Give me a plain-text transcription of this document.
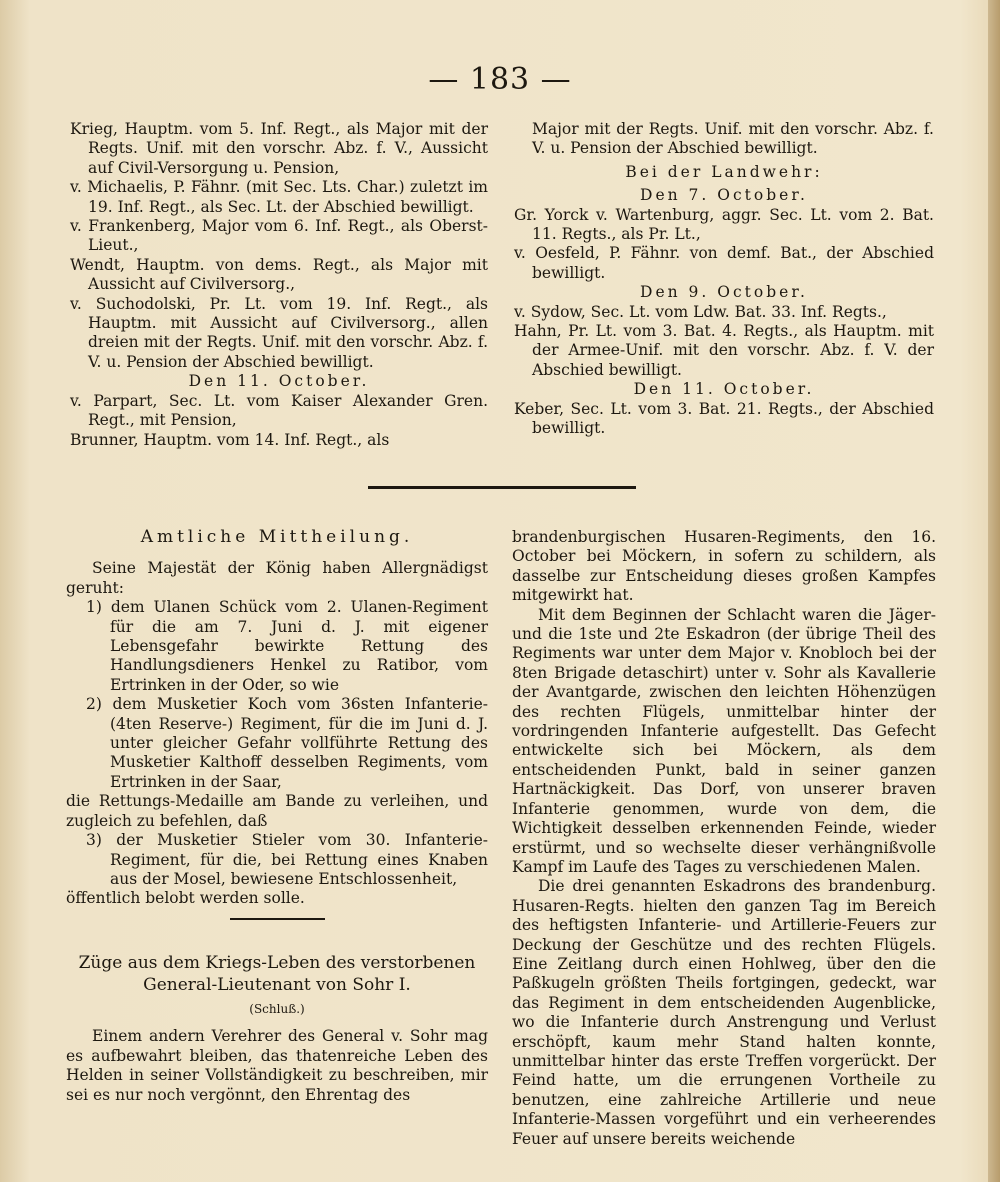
— 183 —

Krieg, Hauptm. vom 5. Inf. Regt., als Major mit der Regts. Unif. mit den vorschr. Abz. f. V., Aussicht auf Civil-Versorgung u. Pension,

v. Michaelis, P. Fähnr. (mit Sec. Lts. Char.) zuletzt im 19. Inf. Regt., als Sec. Lt. der Abschied bewilligt.

v. Frankenberg, Major vom 6. Inf. Regt., als Oberst-Lieut.,

Wendt, Hauptm. von dems. Regt., als Major mit Aussicht auf Civilversorg.,

v. Suchodolski, Pr. Lt. vom 19. Inf. Regt., als Hauptm. mit Aussicht auf Civilversorg., allen dreien mit der Regts. Unif. mit den vorschr. Abz. f. V. u. Pension der Abschied bewilligt.

Den 11. October.

v. Parpart, Sec. Lt. vom Kaiser Alexander Gren. Regt., mit Pension,

Brunner, Hauptm. vom 14. Inf. Regt., als

Major mit der Regts. Unif. mit den vorschr. Abz. f. V. u. Pension der Abschied bewilligt.

Bei der Landwehr:

Den 7. October.

Gr. Yorck v. Wartenburg, aggr. Sec. Lt. vom 2. Bat. 11. Regts., als Pr. Lt.,

v. Oesfeld, P. Fähnr. von demf. Bat., der Abschied bewilligt.

Den 9. October.

v. Sydow, Sec. Lt. vom Ldw. Bat. 33. Inf. Regts.,

Hahn, Pr. Lt. vom 3. Bat. 4. Regts., als Hauptm. mit der Armee-Unif. mit den vorschr. Abz. f. V. der Abschied bewilligt.

Den 11. October.

Keber, Sec. Lt. vom 3. Bat. 21. Regts., der Abschied bewilligt.

Amtliche Mittheilung.

Seine Majestät der König haben Allergnädigst geruht:

1) dem Ulanen Schück vom 2. Ulanen-Regiment für die am 7. Juni d. J. mit eigener Lebensgefahr bewirkte Rettung des Handlungsdieners Henkel zu Ratibor, vom Ertrinken in der Oder, so wie

2) dem Musketier Koch vom 36sten Infanterie- (4ten Reserve-) Regiment, für die im Juni d. J. unter gleicher Gefahr vollführte Rettung des Musketier Kalthoff desselben Regiments, vom Ertrinken in der Saar,

die Rettungs-Medaille am Bande zu verleihen, und zugleich zu befehlen, daß

3) der Musketier Stieler vom 30. Infanterie-Regiment, für die, bei Rettung eines Knaben aus der Mosel, bewiesene Entschlossenheit,

öffentlich belobt werden solle.

Züge aus dem Kriegs-Leben des verstorbenen General-Lieutenant von Sohr I.

(Schluß.)

Einem andern Verehrer des General v. Sohr mag es aufbewahrt bleiben, das thatenreiche Leben des Helden in seiner Vollständigkeit zu beschreiben, mir sei es nur noch vergönnt, den Ehrentag des

brandenburgischen Husaren-Regiments, den 16. October bei Möckern, in sofern zu schildern, als dasselbe zur Entscheidung dieses großen Kampfes mitgewirkt hat.

Mit dem Beginnen der Schlacht waren die Jäger- und die 1ste und 2te Eskadron (der übrige Theil des Regiments war unter dem Major v. Knobloch bei der 8ten Brigade detaschirt) unter v. Sohr als Kavallerie der Avantgarde, zwischen den leichten Höhenzügen des rechten Flügels, unmittelbar hinter der vordringenden Infanterie aufgestellt. Das Gefecht entwickelte sich bei Möckern, als dem entscheidenden Punkt, bald in seiner ganzen Hartnäckigkeit. Das Dorf, von unserer braven Infanterie genommen, wurde von dem, die Wichtigkeit desselben erkennenden Feinde, wieder erstürmt, und so wechselte dieser verhängnißvolle Kampf im Laufe des Tages zu verschiedenen Malen.

Die drei genannten Eskadrons des brandenburg. Husaren-Regts. hielten den ganzen Tag im Bereich des heftigsten Infanterie- und Artillerie-Feuers zur Deckung der Geschütze und des rechten Flügels. Eine Zeitlang durch einen Hohlweg, über den die Paßkugeln größten Theils fortgingen, gedeckt, war das Regiment in dem entscheidenden Augenblicke, wo die Infanterie durch Anstrengung und Verlust erschöpft, kaum mehr Stand halten konnte, unmittelbar hinter das erste Treffen vorgerückt. Der Feind hatte, um die errungenen Vortheile zu benutzen, eine zahlreiche Artillerie und neue Infanterie-Massen vorgeführt und ein verheerendes Feuer auf unsere bereits weichende
